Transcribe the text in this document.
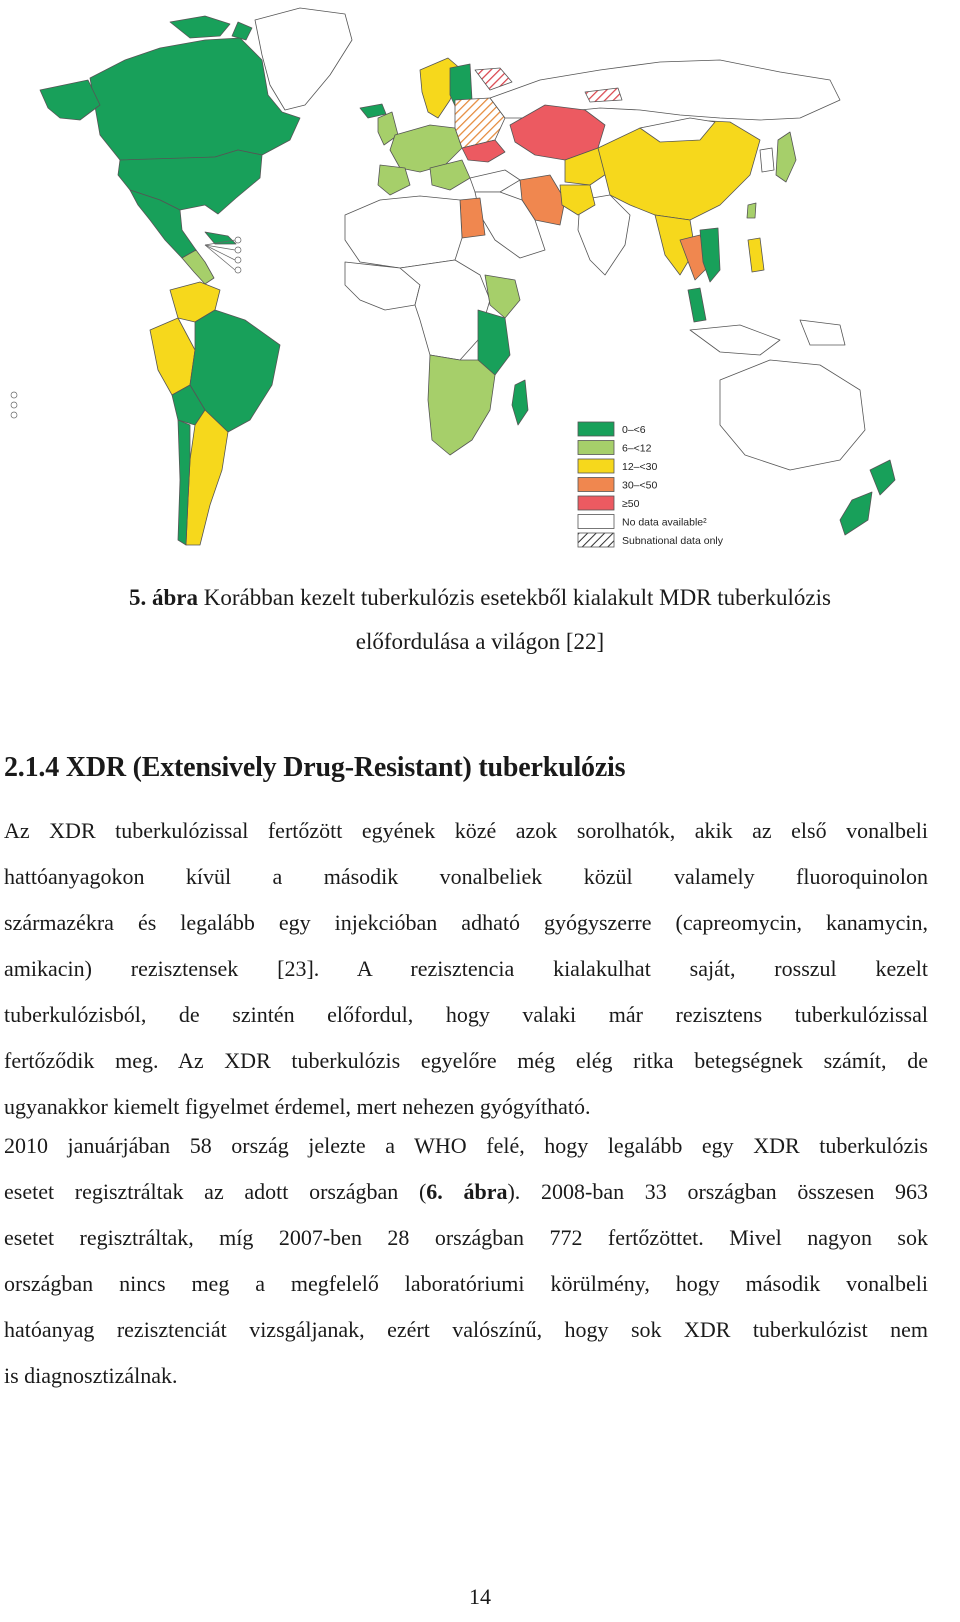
0–<6
6–<12
12–<30
30–<50
≥50
No data available²
Subnational data only
5. ábra Korábban kezelt tuberkulózis esetekből kialakult MDR tuberkulózis
előfordulása a világon [22]
2.1.4 XDR (Extensively Drug-Resistant) tuberkulózis
Az XDR tuberkulózissal fertőzött egyének közé azok sorolhatók, akik az első vonalbeli
hattóanyagokon kívül a második vonalbeliek közül valamely fluoroquinolon
származékra és legalább egy injekcióban adható gyógyszerre (capreomycin, kanamycin,
amikacin) rezisztensek [23]. A rezisztencia kialakulhat saját, rosszul kezelt
tuberkulózisból, de szintén előfordul, hogy valaki már rezisztens tuberkulózissal
fertőződik meg. Az XDR tuberkulózis egyelőre még elég ritka betegségnek számít, de
ugyanakkor kiemelt figyelmet érdemel, mert nehezen gyógyítható.
2010 januárjában 58 ország jelezte a WHO felé, hogy legalább egy XDR tuberkulózis
esetet regisztráltak az adott országban (6. ábra). 2008-ban 33 országban összesen 963
esetet regisztráltak, míg 2007-ben 28 országban 772 fertőzöttet. Mivel nagyon sok
országban nincs meg a megfelelő laboratóriumi körülmény, hogy második vonalbeli
hatóanyag rezisztenciát vizsgáljanak, ezért valószínű, hogy sok XDR tuberkulózist nem
is diagnosztizálnak.
14
